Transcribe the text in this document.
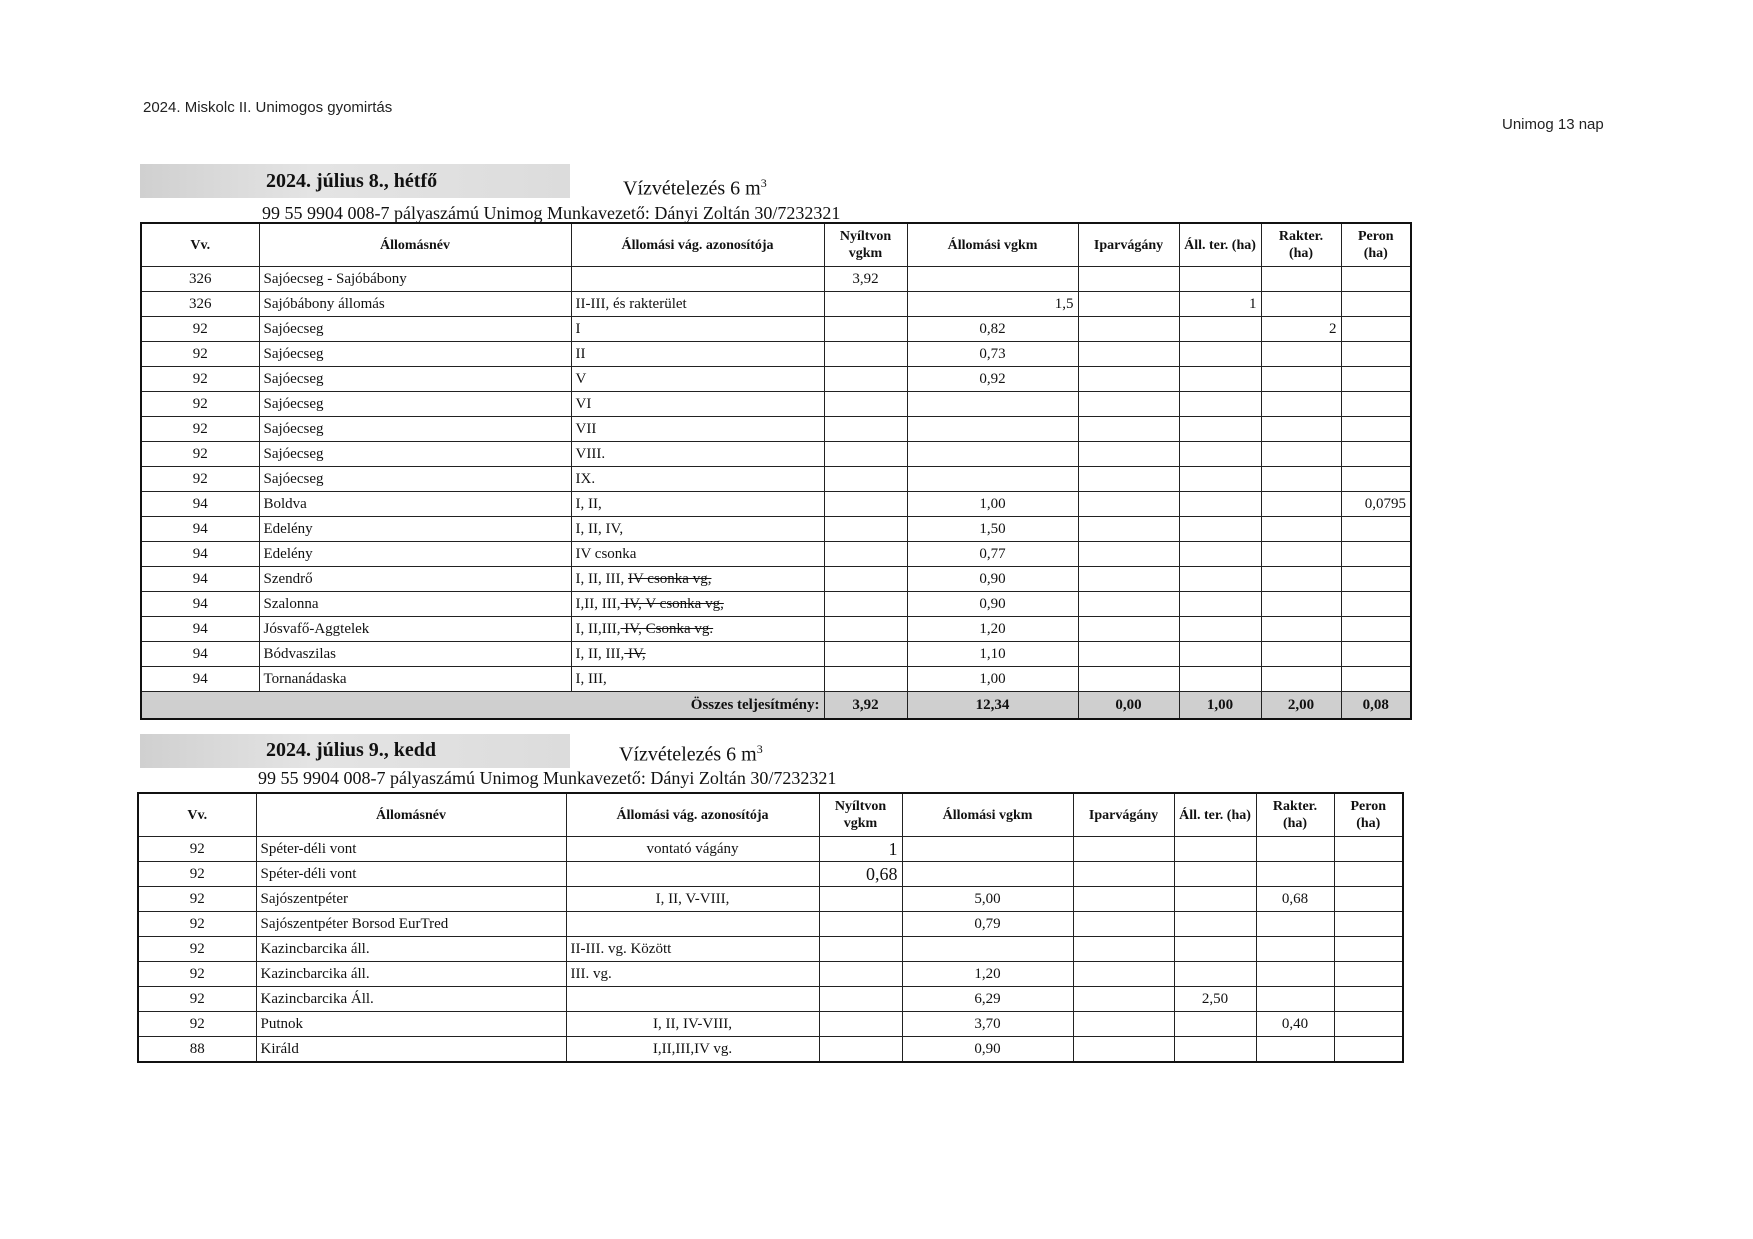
2024. Miskolc II. Unimogos gyomirtás
Unimog 13 nap
2024. július 8., hétfő	Vízvételezés 6 $m^3$
99 55 9904 008-7 pályaszámú Unimog Munkavezető: Dányi Zoltán 30/7232321
Vv.	Állomásnév	Állomási vág. azonosítója	Nyíltvon vgkm	Állomási vgkm	Iparvágány	Áll. ter. (ha)	Rakter. (ha)	Peron (ha)
326	Sajóecseg - Sajóbábony		3,92					
326	Sajóbábony állomás	II-III, és rakterület		1,5		1		
92	Sajóecseg	I		0,82			2	
92	Sajóecseg	II		0,73				
92	Sajóecseg	V		0,92				
92	Sajóecseg	VI						
92	Sajóecseg	VII						
92	Sajóecseg	VIII.						
92	Sajóecseg	IX.						
94	Boldva	I, II,		1,00				0,0795
94	Edelény	I, II, IV,		1,50				
94	Edelény	IV csonka		0,77				
94	Szendrő	I, II, III, IV csonka vg,		0,90				
94	Szalonna	I,II, III, IV, V csonka vg,		0,90				
94	Jósvafő-Aggtelek	I, II,III, IV, Csonka vg.		1,20				
94	Bódvaszilas	I, II, III, IV,		1,10				
94	Tornanádaska	I, III,		1,00				
Összes teljesítmény:			3,92	12,34	0,00	1,00	2,00	0,08
2024. július 9., kedd	Vízvételezés 6 $m^3$
99 55 9904 008-7 pályaszámú Unimog Munkavezető: Dányi Zoltán 30/7232321
Vv.	Állomásnév	Állomási vág. azonosítója	Nyíltvon vgkm	Állomási vgkm	Iparvágány	Áll. ter. (ha)	Rakter. (ha)	Peron (ha)
92	Spéter-déli vont	vontató vágány	1					
92	Spéter-déli vont		0,68					
92	Sajószentpéter	I, II, V-VIII,		5,00			0,68	
92	Sajószentpéter Borsod EurTred			0,79				
92	Kazincbarcika áll.	II-III. vg. Között						
92	Kazincbarcika áll.	III. vg.		1,20				
92	Kazincbarcika Áll.			6,29		2,50		
92	Putnok	I, II, IV-VIII,		3,70			0,40	
88	Királd	I,II,III,IV vg.		0,90				
